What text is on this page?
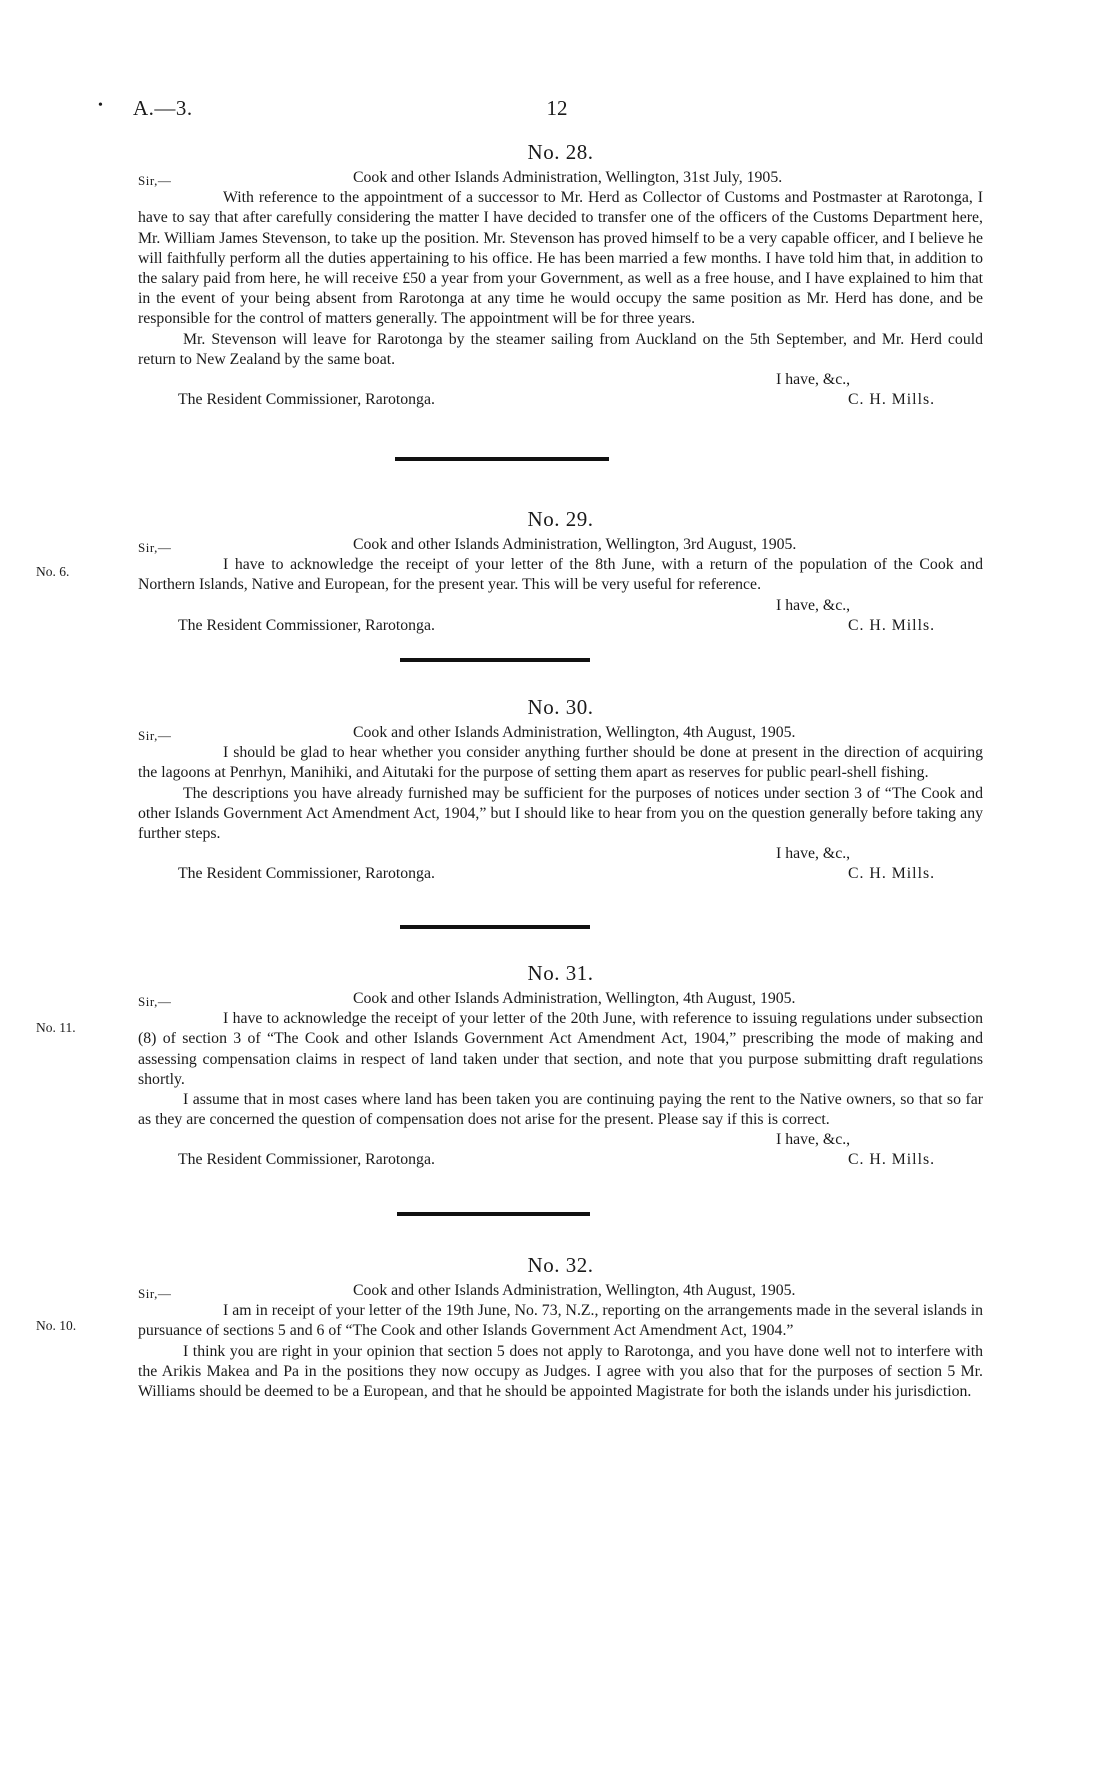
• A.—3.	12
No. 28.
Sir,—	Cook and other Islands Administration, Wellington, 31st July, 1905.

With reference to the appointment of a successor to Mr. Herd as Collector of Customs and Postmaster at Rarotonga, I have to say that after carefully considering the matter I have decided to transfer one of the officers of the Customs Department here, Mr. William James Stevenson, to take up the position. Mr. Stevenson has proved himself to be a very capable officer, and I believe he will faithfully perform all the duties appertaining to his office. He has been married a few months. I have told him that, in addition to the salary paid from here, he will receive £50 a year from your Government, as well as a free house, and I have explained to him that in the event of your being absent from Rarotonga at any time he would occupy the same position as Mr. Herd has done, and be responsible for the control of matters generally. The appointment will be for three years.

Mr. Stevenson will leave for Rarotonga by the steamer sailing from Auckland on the 5th September, and Mr. Herd could return to New Zealand by the same boat.

I have, &c.,
The Resident Commissioner, Rarotonga.	C. H. Mills.
No. 6.
No. 29.
Sir,—	Cook and other Islands Administration, Wellington, 3rd August, 1905.

I have to acknowledge the receipt of your letter of the 8th June, with a return of the population of the Cook and Northern Islands, Native and European, for the present year. This will be very useful for reference.

I have, &c.,
The Resident Commissioner, Rarotonga.	C. H. Mills.
No. 30.
Sir,—	Cook and other Islands Administration, Wellington, 4th August, 1905.

I should be glad to hear whether you consider anything further should be done at present in the direction of acquiring the lagoons at Penrhyn, Manihiki, and Aitutaki for the purpose of setting them apart as reserves for public pearl-shell fishing.

The descriptions you have already furnished may be sufficient for the purposes of notices under section 3 of “The Cook and other Islands Government Act Amendment Act, 1904,” but I should like to hear from you on the question generally before taking any further steps.

I have, &c.,
The Resident Commissioner, Rarotonga.	C. H. Mills.
No. 11.
No. 31.
Sir,—	Cook and other Islands Administration, Wellington, 4th August, 1905.

I have to acknowledge the receipt of your letter of the 20th June, with reference to issuing regulations under subsection (8) of section 3 of “The Cook and other Islands Government Act Amendment Act, 1904,” prescribing the mode of making and assessing compensation claims in respect of land taken under that section, and note that you purpose submitting draft regulations shortly.

I assume that in most cases where land has been taken you are continuing paying the rent to the Native owners, so that so far as they are concerned the question of compensation does not arise for the present. Please say if this is correct.

I have, &c.,
The Resident Commissioner, Rarotonga.	C. H. Mills.
No. 10.
No. 32.
Sir,—	Cook and other Islands Administration, Wellington, 4th August, 1905.

I am in receipt of your letter of the 19th June, No. 73, N.Z., reporting on the arrangements made in the several islands in pursuance of sections 5 and 6 of “The Cook and other Islands Government Act Amendment Act, 1904.”

I think you are right in your opinion that section 5 does not apply to Rarotonga, and you have done well not to interfere with the Arikis Makea and Pa in the positions they now occupy as Judges. I agree with you also that for the purposes of section 5 Mr. Williams should be deemed to be a European, and that he should be appointed Magistrate for both the islands under his jurisdiction.
